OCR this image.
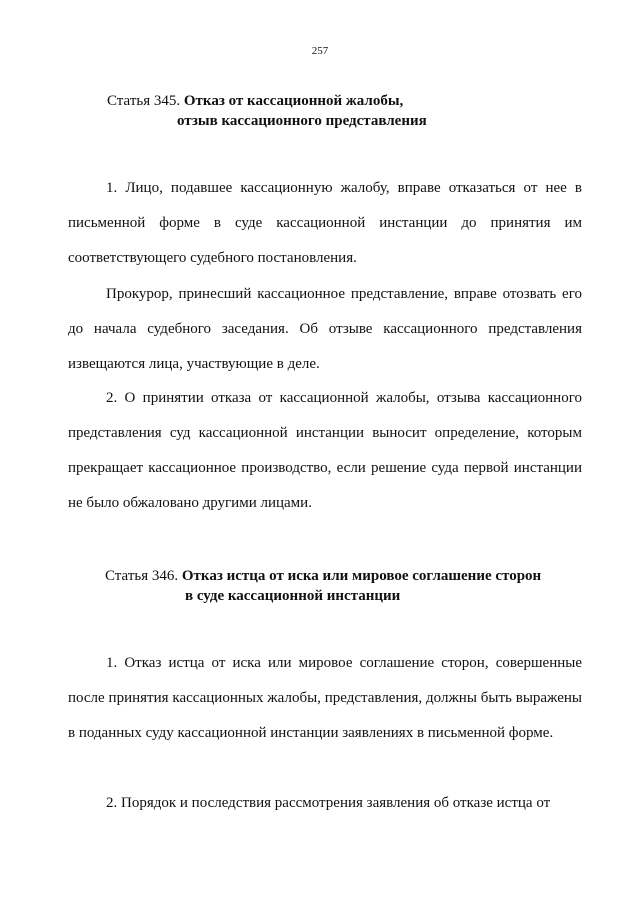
257
Статья 345. Отказ от кассационной жалобы,
отзыв кассационного представления

1. Лицо, подавшее кассационную жалобу, вправе отказаться от нее в письменной форме в суде кассационной инстанции до принятия им соответствующего судебного постановления.

Прокурор, принесший кассационное представление, вправе отозвать его до начала судебного заседания. Об отзыве кассационного представления извещаются лица, участвующие в деле.

2. О принятии отказа от кассационной жалобы, отзыва кассационного представления суд кассационной инстанции выносит определение, которым прекращает кассационное производство, если решение суда первой инстанции не было обжаловано другими лицами.

Статья 346. Отказ истца от иска или мировое соглашение сторон
в суде кассационной инстанции

1. Отказ истца от иска или мировое соглашение сторон, совершенные после принятия кассационных жалобы, представления, должны быть выражены в поданных суду кассационной инстанции заявлениях в письменной форме.

2. Порядок и последствия рассмотрения заявления об отказе истца от
